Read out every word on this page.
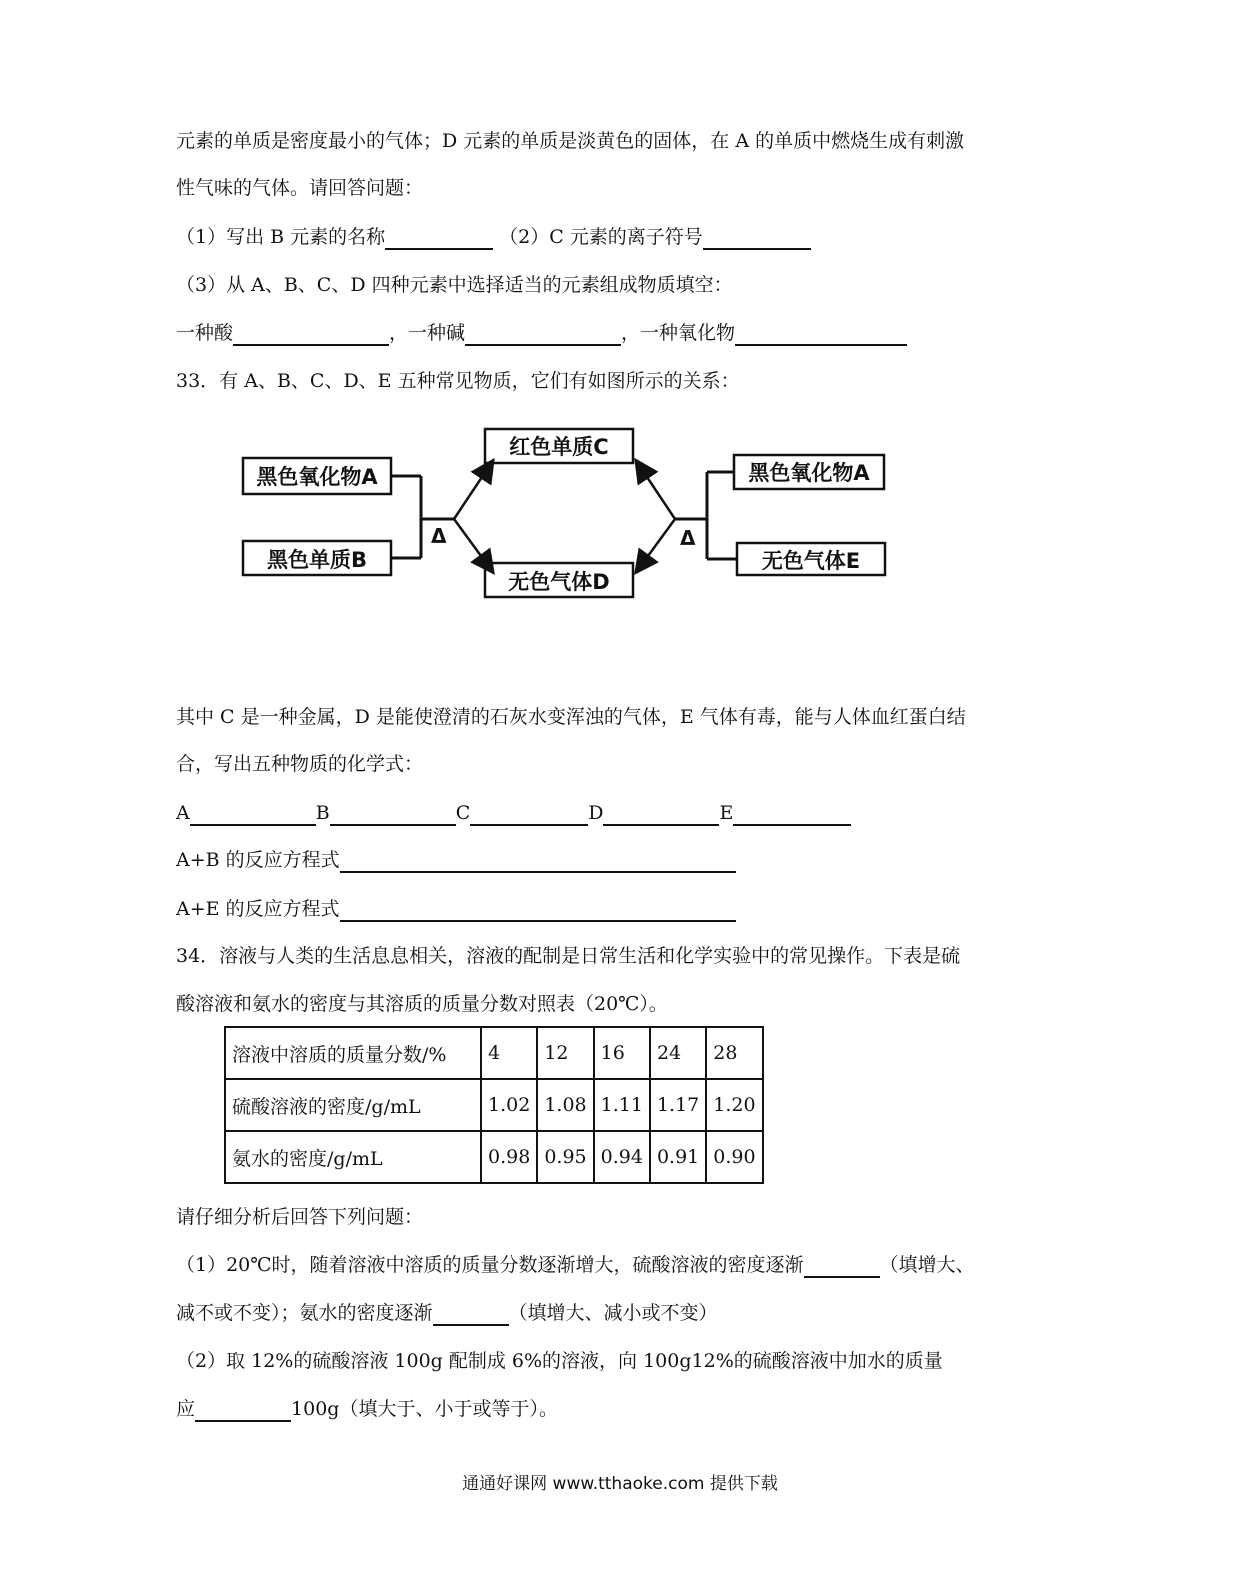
元素的单质是密度最小的气体；D 元素的单质是淡黄色的固体，在 A 的单质中燃烧生成有刺激
性气味的气体。请回答问题：
（1）写出 B 元素的名称	（2）C 元素的离子符号
（3）从 A、B、C、D 四种元素中选择适当的元素组成物质填空：
一种酸	，一种碱	，一种氧化物
33．有 A、B、C、D、E 五种常见物质，它们有如图所示的关系：
黑色氧化物A
黑色单质B
红色单质C
无色气体D
黑色氧化物A
无色气体E
Δ	Δ
其中 C 是一种金属，D 是能使澄清的石灰水变浑浊的气体，E 气体有毒，能与人体血红蛋白结
合，写出五种物质的化学式：
A	B	C	D	E
A+B 的反应方程式
A+E 的反应方程式
34．溶液与人类的生活息息相关，溶液的配制是日常生活和化学实验中的常见操作。下表是硫
酸溶液和氨水的密度与其溶质的质量分数对照表（20℃）。
溶液中溶质的质量分数/%	4	12	16	24	28
硫酸溶液的密度/g/mL	1.02	1.08	1.11	1.17	1.20
氨水的密度/g/mL	0.98	0.95	0.94	0.91	0.90
请仔细分析后回答下列问题：
（1）20℃时，随着溶液中溶质的质量分数逐渐增大，硫酸溶液的密度逐渐	（填增大、
减不或不变）；氨水的密度逐渐	（填增大、减小或不变）
（2）取 12%的硫酸溶液 100g 配制成 6%的溶液，向 100g12%的硫酸溶液中加水的质量
应	100g（填大于、小于或等于）。
通通好课网 www.tthaoke.com 提供下载
